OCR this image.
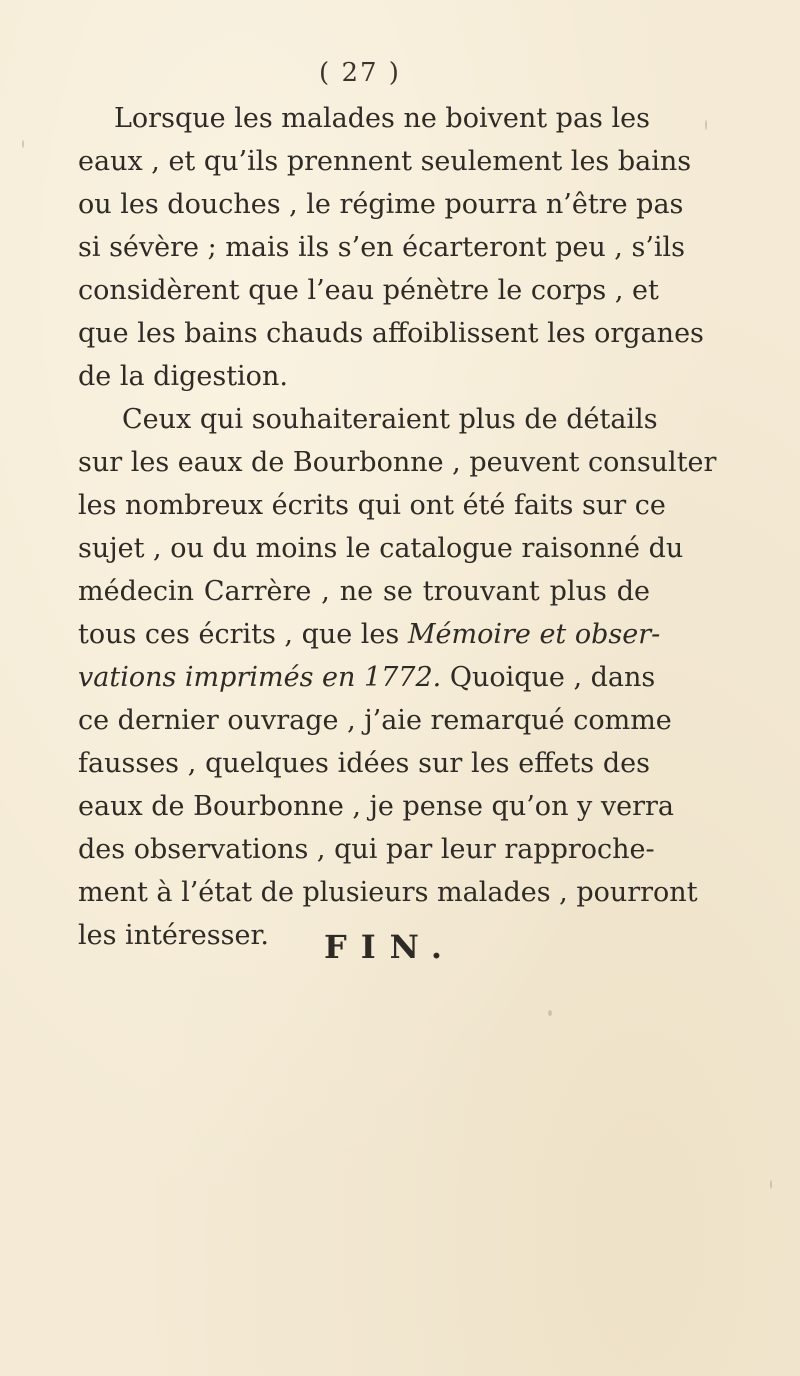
( 27 )
Lorsque les malades ne boivent pas les
eaux , et qu’ils prennent seulement les bains
ou les douches , le régime pourra n’être pas
si sévère ; mais ils s’en écarteront peu , s’ils
considèrent que l’eau pénètre le corps , et
que les bains chauds affoiblissent les organes
de la digestion.
Ceux qui souhaiteraient plus de détails
sur les eaux de Bourbonne , peuvent consulter
les nombreux écrits qui ont été faits sur ce
sujet , ou du moins le catalogue raisonné du
médecin Carrère , ne se trouvant plus de
tous ces écrits , que les Mémoire et obser-
vations imprimés en 1772. Quoique , dans
ce dernier ouvrage , j’aie remarqué comme
fausses , quelques idées sur les effets des
eaux de Bourbonne , je pense qu’on y verra
des observations , qui par leur rapproche-
ment à l’état de plusieurs malades , pourront
les intéresser.	FIN.
